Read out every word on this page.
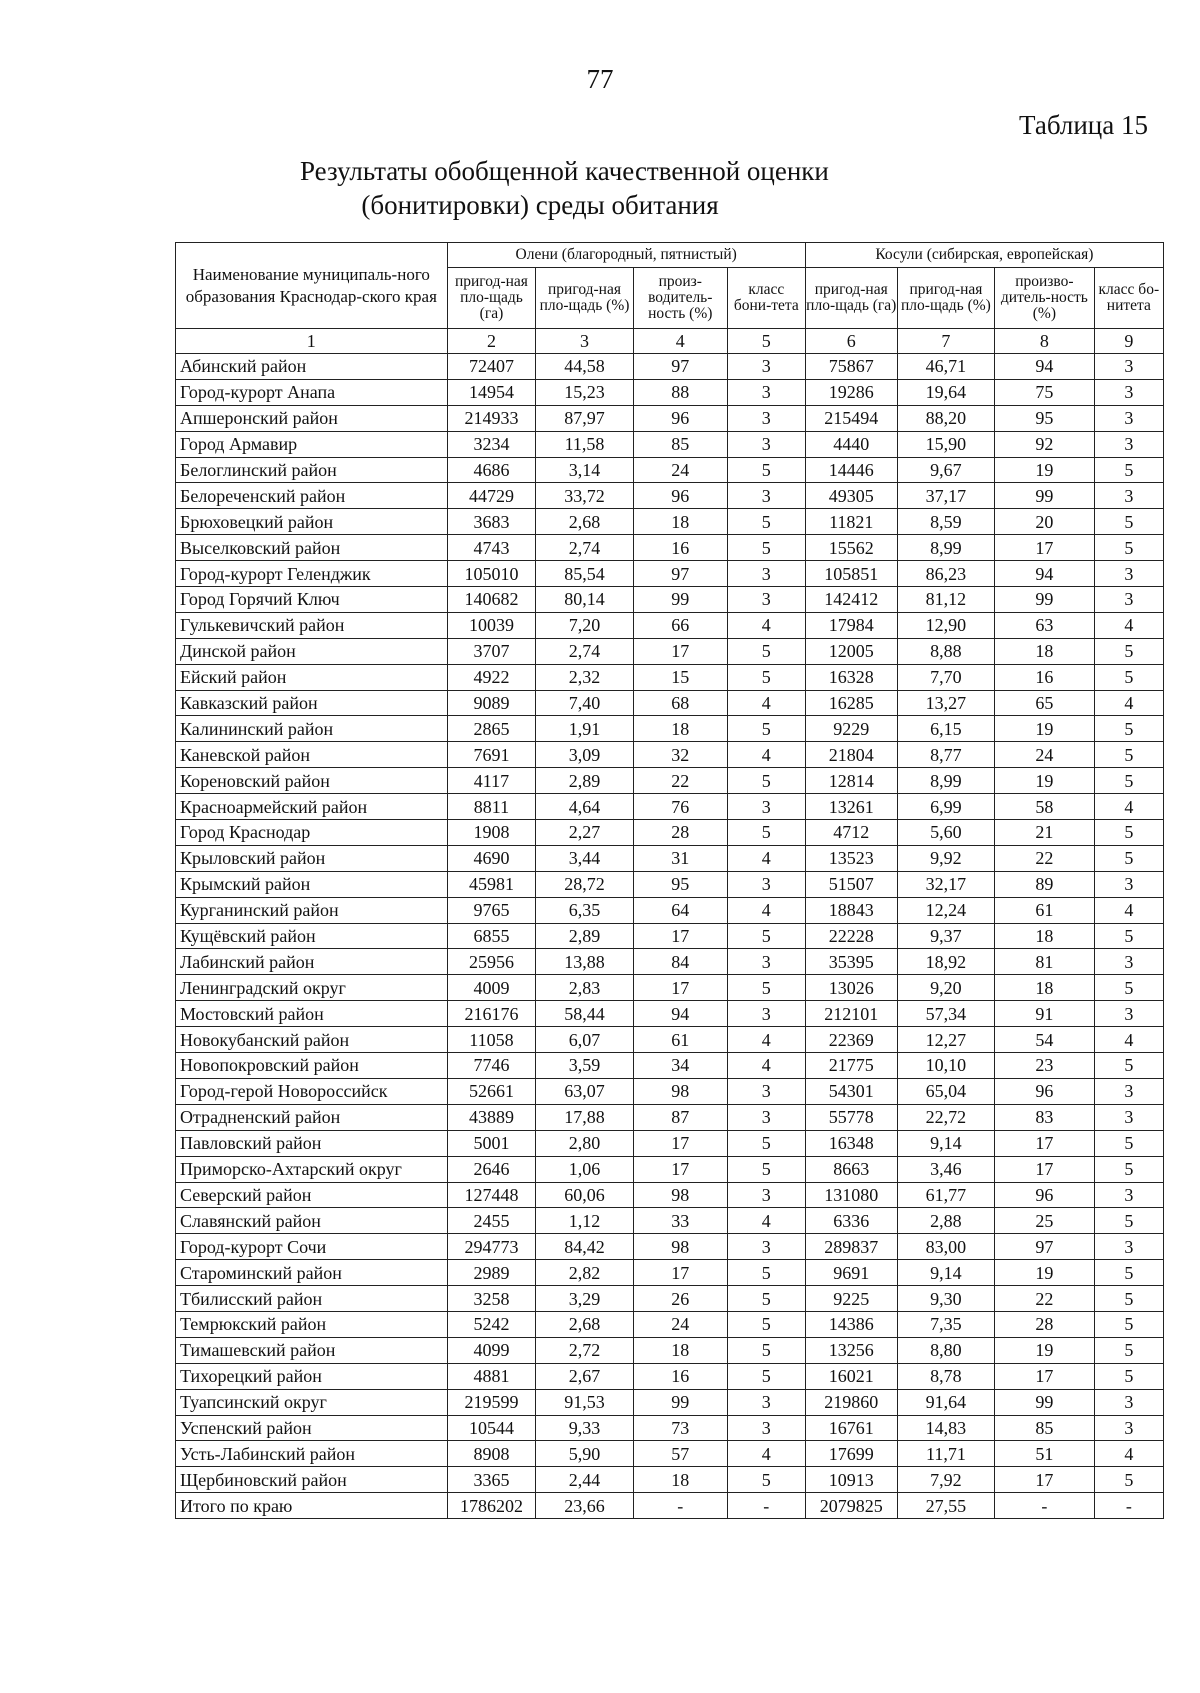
77
Таблица 15
Результаты обобщенной качественной оценки
(бонитировки) среды обитания
Наименование муниципаль-ного образования Краснодар-ского края	Олени (благородный, пятнистый)				Косули (сибирская, европейская)			
	пригод-ная пло-щадь (га)	пригод-ная пло-щадь (%)	произ-водитель-ность (%)	класс бони-тета	пригод-ная пло-щадь (га)	пригод-ная пло-щадь (%)	произво-дитель-ность (%)	класс бо-нитета
1	2	3	4	5	6	7	8	9
Абинский район	72407	44,58	97	3	75867	46,71	94	3
Город-курорт Анапа	14954	15,23	88	3	19286	19,64	75	3
Апшеронский район	214933	87,97	96	3	215494	88,20	95	3
Город Армавир	3234	11,58	85	3	4440	15,90	92	3
Белоглинский район	4686	3,14	24	5	14446	9,67	19	5
Белореченский район	44729	33,72	96	3	49305	37,17	99	3
Брюховецкий район	3683	2,68	18	5	11821	8,59	20	5
Выселковский район	4743	2,74	16	5	15562	8,99	17	5
Город-курорт Геленджик	105010	85,54	97	3	105851	86,23	94	3
Город Горячий Ключ	140682	80,14	99	3	142412	81,12	99	3
Гулькевичский район	10039	7,20	66	4	17984	12,90	63	4
Динской район	3707	2,74	17	5	12005	8,88	18	5
Ейский район	4922	2,32	15	5	16328	7,70	16	5
Кавказский район	9089	7,40	68	4	16285	13,27	65	4
Калининский район	2865	1,91	18	5	9229	6,15	19	5
Каневской район	7691	3,09	32	4	21804	8,77	24	5
Кореновский район	4117	2,89	22	5	12814	8,99	19	5
Красноармейский район	8811	4,64	76	3	13261	6,99	58	4
Город Краснодар	1908	2,27	28	5	4712	5,60	21	5
Крыловский район	4690	3,44	31	4	13523	9,92	22	5
Крымский район	45981	28,72	95	3	51507	32,17	89	3
Курганинский район	9765	6,35	64	4	18843	12,24	61	4
Кущёвский район	6855	2,89	17	5	22228	9,37	18	5
Лабинский район	25956	13,88	84	3	35395	18,92	81	3
Ленинградский округ	4009	2,83	17	5	13026	9,20	18	5
Мостовский район	216176	58,44	94	3	212101	57,34	91	3
Новокубанский район	11058	6,07	61	4	22369	12,27	54	4
Новопокровский район	7746	3,59	34	4	21775	10,10	23	5
Город-герой Новороссийск	52661	63,07	98	3	54301	65,04	96	3
Отрадненский район	43889	17,88	87	3	55778	22,72	83	3
Павловский район	5001	2,80	17	5	16348	9,14	17	5
Приморско-Ахтарский округ	2646	1,06	17	5	8663	3,46	17	5
Северский район	127448	60,06	98	3	131080	61,77	96	3
Славянский район	2455	1,12	33	4	6336	2,88	25	5
Город-курорт Сочи	294773	84,42	98	3	289837	83,00	97	3
Староминский район	2989	2,82	17	5	9691	9,14	19	5
Тбилисский район	3258	3,29	26	5	9225	9,30	22	5
Темрюкский район	5242	2,68	24	5	14386	7,35	28	5
Тимашевский район	4099	2,72	18	5	13256	8,80	19	5
Тихорецкий район	4881	2,67	16	5	16021	8,78	17	5
Туапсинский округ	219599	91,53	99	3	219860	91,64	99	3
Успенский район	10544	9,33	73	3	16761	14,83	85	3
Усть-Лабинский район	8908	5,90	57	4	17699	11,71	51	4
Щербиновский район	3365	2,44	18	5	10913	7,92	17	5
Итого по краю	1786202	23,66	-	-	2079825	27,55	-	-
